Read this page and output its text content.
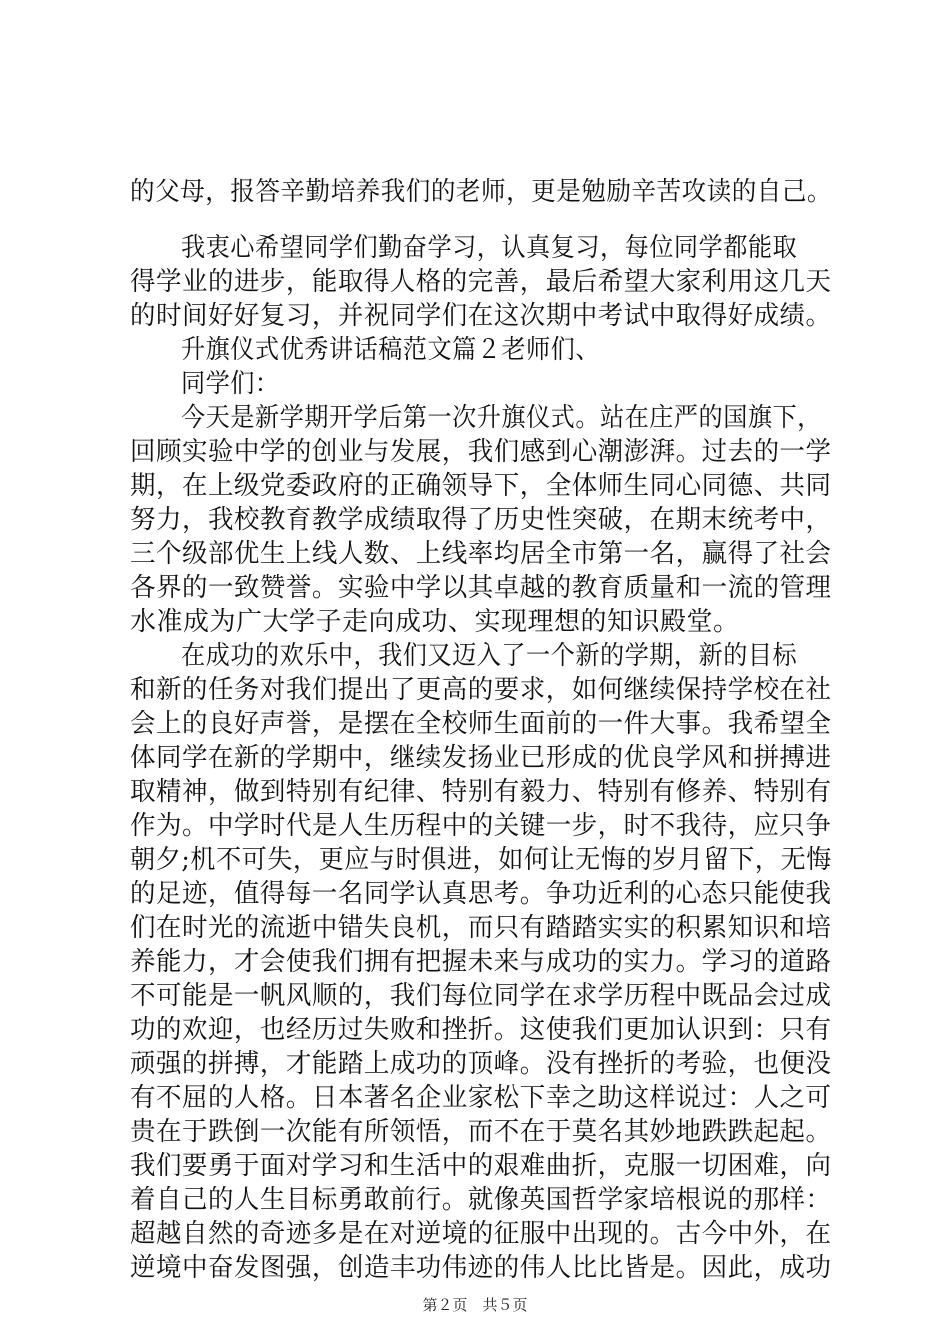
的父母，报答辛勤培养我们的老师，更是勉励辛苦攻读的自己。
我衷心希望同学们勤奋学习，认真复习，每位同学都能取
得学业的进步，能取得人格的完善，最后希望大家利用这几天
的时间好好复习，并祝同学们在这次期中考试中取得好成绩。
升旗仪式优秀讲话稿范文篇２老师们、
同学们：
今天是新学期开学后第一次升旗仪式。站在庄严的国旗下，
回顾实验中学的创业与发展，我们感到心潮澎湃。过去的一学
期，在上级党委政府的正确领导下，全体师生同心同德、共同
努力，我校教育教学成绩取得了历史性突破，在期末统考中，
三个级部优生上线人数、上线率均居全市第一名，赢得了社会
各界的一致赞誉。实验中学以其卓越的教育质量和一流的管理
水准成为广大学子走向成功、实现理想的知识殿堂。
在成功的欢乐中，我们又迈入了一个新的学期，新的目标
和新的任务对我们提出了更高的要求，如何继续保持学校在社
会上的良好声誉，是摆在全校师生面前的一件大事。我希望全
体同学在新的学期中，继续发扬业已形成的优良学风和拼搏进
取精神，做到特别有纪律、特别有毅力、特别有修养、特别有
作为。中学时代是人生历程中的关键一步，时不我待，应只争
朝夕;机不可失，更应与时俱进，如何让无悔的岁月留下，无悔
的足迹，值得每一名同学认真思考。争功近利的心态只能使我
们在时光的流逝中错失良机，而只有踏踏实实的积累知识和培
养能力，才会使我们拥有把握未来与成功的实力。学习的道路
不可能是一帆风顺的，我们每位同学在求学历程中既品会过成
功的欢迎，也经历过失败和挫折。这使我们更加认识到：只有
顽强的拼搏，才能踏上成功的顶峰。没有挫折的考验，也便没
有不屈的人格。日本著名企业家松下幸之助这样说过：人之可
贵在于跌倒一次能有所领悟，而不在于莫名其妙地跌跌起起。
我们要勇于面对学习和生活中的艰难曲折，克服一切困难，向
着自己的人生目标勇敢前行。就像英国哲学家培根说的那样：
超越自然的奇迹多是在对逆境的征服中出现的。古今中外，在
逆境中奋发图强，创造丰功伟迹的伟人比比皆是。因此，成功
第２页　共５页
